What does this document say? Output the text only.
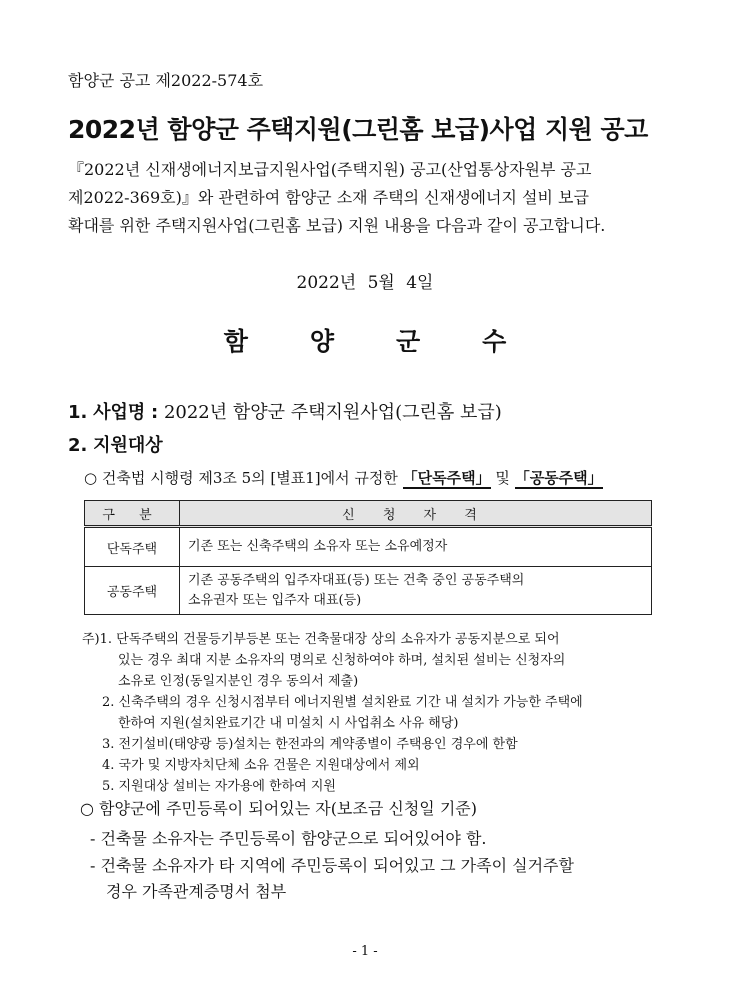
함양군 공고 제2022-574호
2022년 함양군 주택지원(그린홈 보급)사업 지원 공고
『2022년 신재생에너지보급지원사업(주택지원) 공고(산업통상자원부 공고
제2022-369호)』와 관련하여 함양군 소재 주택의 신재생에너지 설비 보급
확대를 위한 주택지원사업(그린홈 보급) 지원 내용을 다음과 같이 공고합니다.
2022년 5월 4일
함양군수
1. 사업명 : 2022년 함양군 주택지원사업(그린홈 보급)
2. 지원대상
○ 건축법 시행령 제3조 5의 [별표1]에서 규정한 「단독주택」 및 「공동주택」
구 분	신 청 자 격
단독주택	기존 또는 신축주택의 소유자 또는 소유예정자

공동주택	기존 공동주택의 입주자대표(등) 또는 건축 중인 공동주택의
소유권자 또는 입주자 대표(등)
주)1. 단독주택의 건물등기부등본 또는 건축물대장 상의 소유자가 공동지분으로 되어
있는 경우 최대 지분 소유자의 명의로 신청하여야 하며, 설치된 설비는 신청자의
소유로 인정(동일지분인 경우 동의서 제출)
2. 신축주택의 경우 신청시점부터 에너지원별 설치완료 기간 내 설치가 가능한 주택에
한하여 지원(설치완료기간 내 미설치 시 사업취소 사유 해당)
3. 전기설비(태양광 등)설치는 한전과의 계약종별이 주택용인 경우에 한함
4. 국가 및 지방자치단체 소유 건물은 지원대상에서 제외
5. 지원대상 설비는 자가용에 한하여 지원
○ 함양군에 주민등록이 되어있는 자(보조금 신청일 기준)
- 건축물 소유자는 주민등록이 함양군으로 되어있어야 함.
- 건축물 소유자가 타 지역에 주민등록이 되어있고 그 가족이 실거주할
경우 가족관계증명서 첨부
- 1 -
